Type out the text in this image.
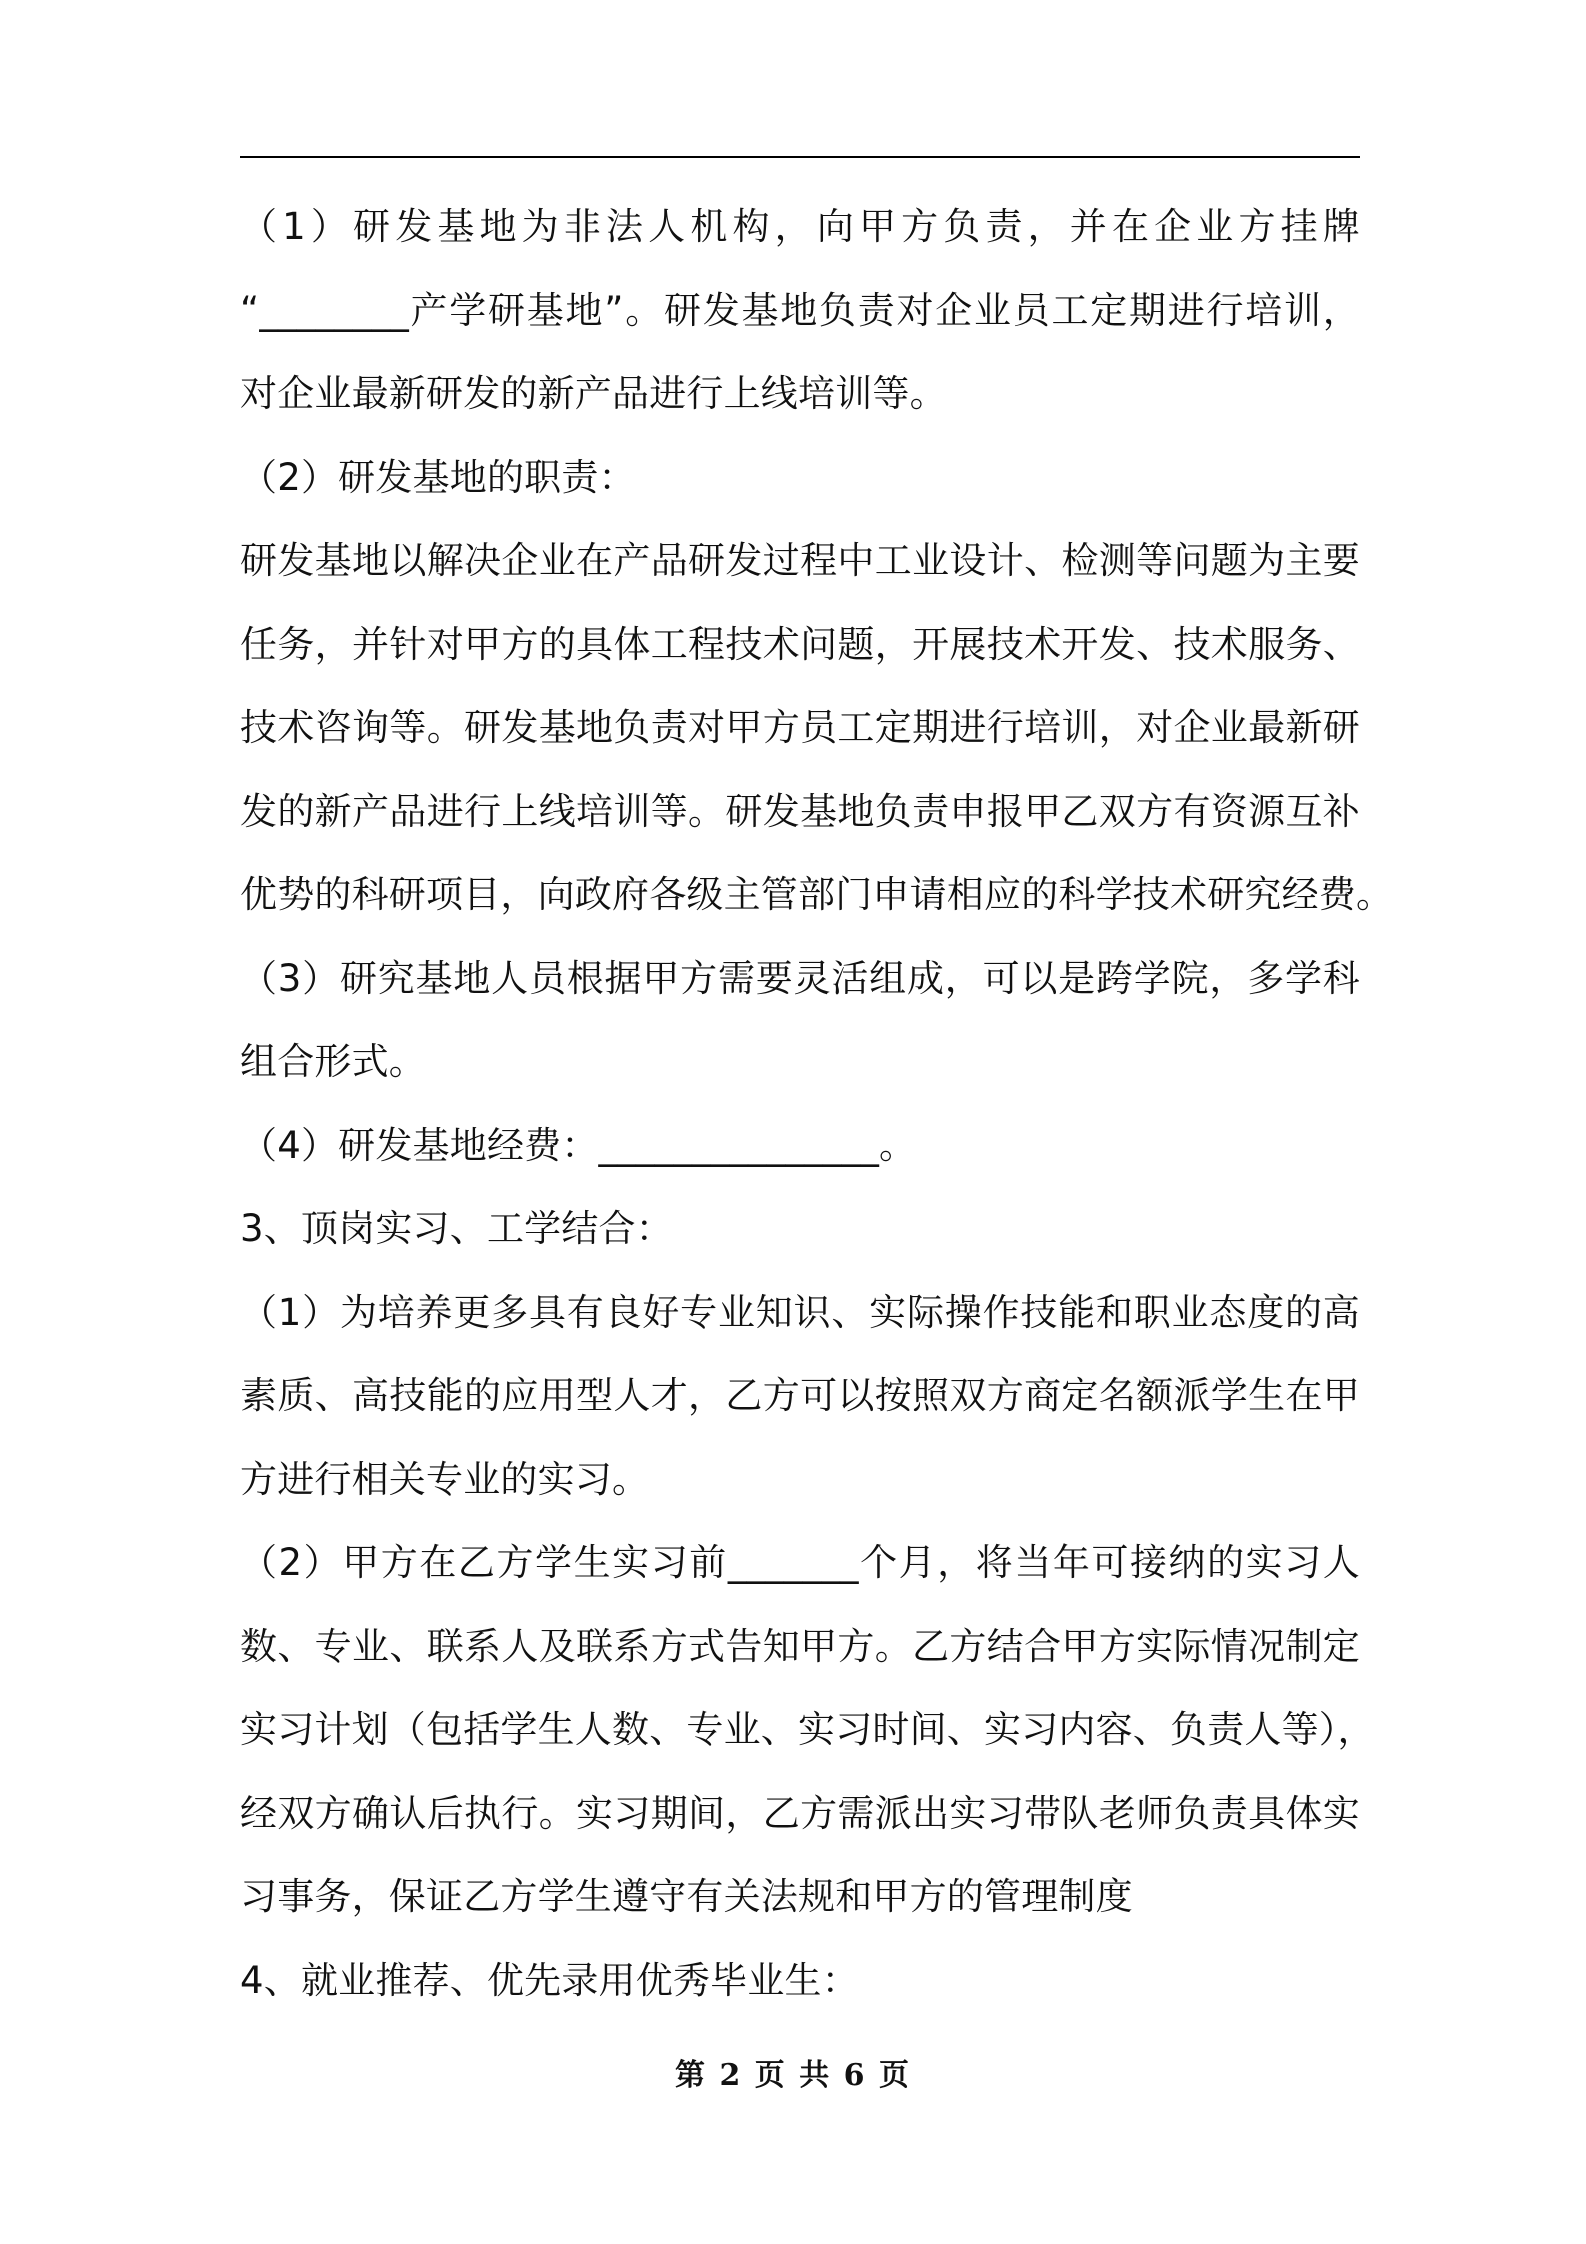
（1）研发基地为非法人机构，向甲方负责，并在企业方挂牌
“________产学研基地”。研发基地负责对企业员工定期进行培训，
对企业最新研发的新产品进行上线培训等。
（2）研发基地的职责：
研发基地以解决企业在产品研发过程中工业设计、检测等问题为主要
任务，并针对甲方的具体工程技术问题，开展技术开发、技术服务、
技术咨询等。研发基地负责对甲方员工定期进行培训，对企业最新研
发的新产品进行上线培训等。研发基地负责申报甲乙双方有资源互补
优势的科研项目，向政府各级主管部门申请相应的科学技术研究经费。
（3）研究基地人员根据甲方需要灵活组成，可以是跨学院，多学科
组合形式。
（4）研发基地经费：_______________。
3、顶岗实习、工学结合：
（1）为培养更多具有良好专业知识、实际操作技能和职业态度的高
素质、高技能的应用型人才，乙方可以按照双方商定名额派学生在甲
方进行相关专业的实习。
（2）甲方在乙方学生实习前_______个月，将当年可接纳的实习人
数、专业、联系人及联系方式告知甲方。乙方结合甲方实际情况制定
实习计划（包括学生人数、专业、实习时间、实习内容、负责人等），
经双方确认后执行。实习期间，乙方需派出实习带队老师负责具体实
习事务，保证乙方学生遵守有关法规和甲方的管理制度
4、就业推荐、优先录用优秀毕业生：
第 2 页 共 6 页
